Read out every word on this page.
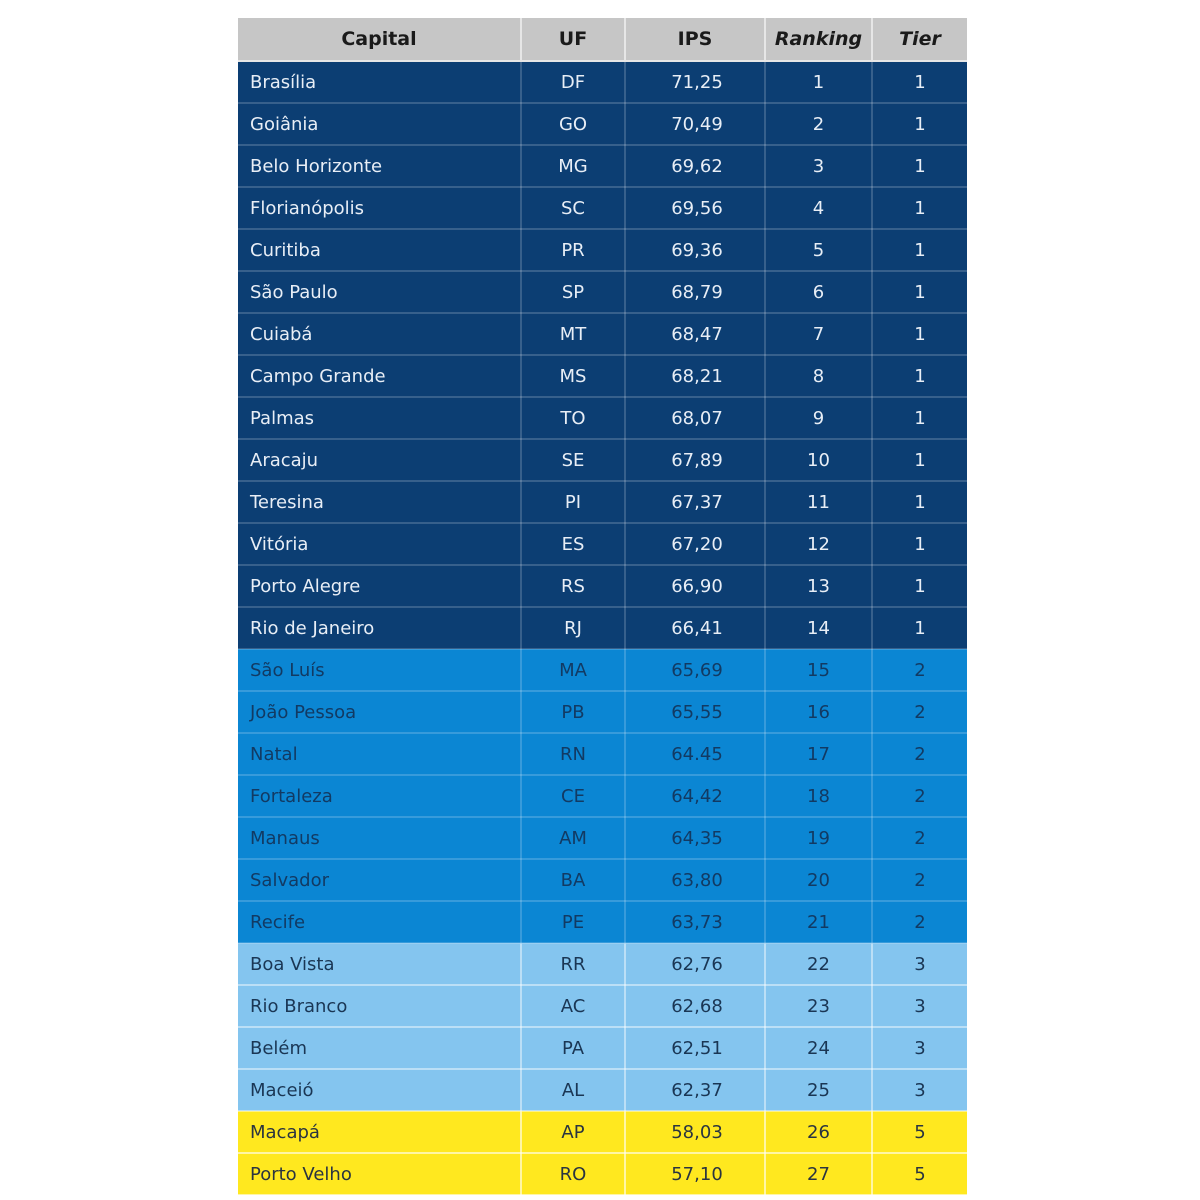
Capital	UF	IPS	Ranking	Tier
Brasília	DF	71,25	1	1
Goiânia	GO	70,49	2	1
Belo Horizonte	MG	69,62	3	1
Florianópolis	SC	69,56	4	1
Curitiba	PR	69,36	5	1
São Paulo	SP	68,79	6	1
Cuiabá	MT	68,47	7	1
Campo Grande	MS	68,21	8	1
Palmas	TO	68,07	9	1
Aracaju	SE	67,89	10	1
Teresina	PI	67,37	11	1
Vitória	ES	67,20	12	1
Porto Alegre	RS	66,90	13	1
Rio de Janeiro	RJ	66,41	14	1
São Luís	MA	65,69	15	2
João Pessoa	PB	65,55	16	2
Natal	RN	64.45	17	2
Fortaleza	CE	64,42	18	2
Manaus	AM	64,35	19	2
Salvador	BA	63,80	20	2
Recife	PE	63,73	21	2
Boa Vista	RR	62,76	22	3
Rio Branco	AC	62,68	23	3
Belém	PA	62,51	24	3
Maceió	AL	62,37	25	3
Macapá	AP	58,03	26	5
Porto Velho	RO	57,10	27	5
